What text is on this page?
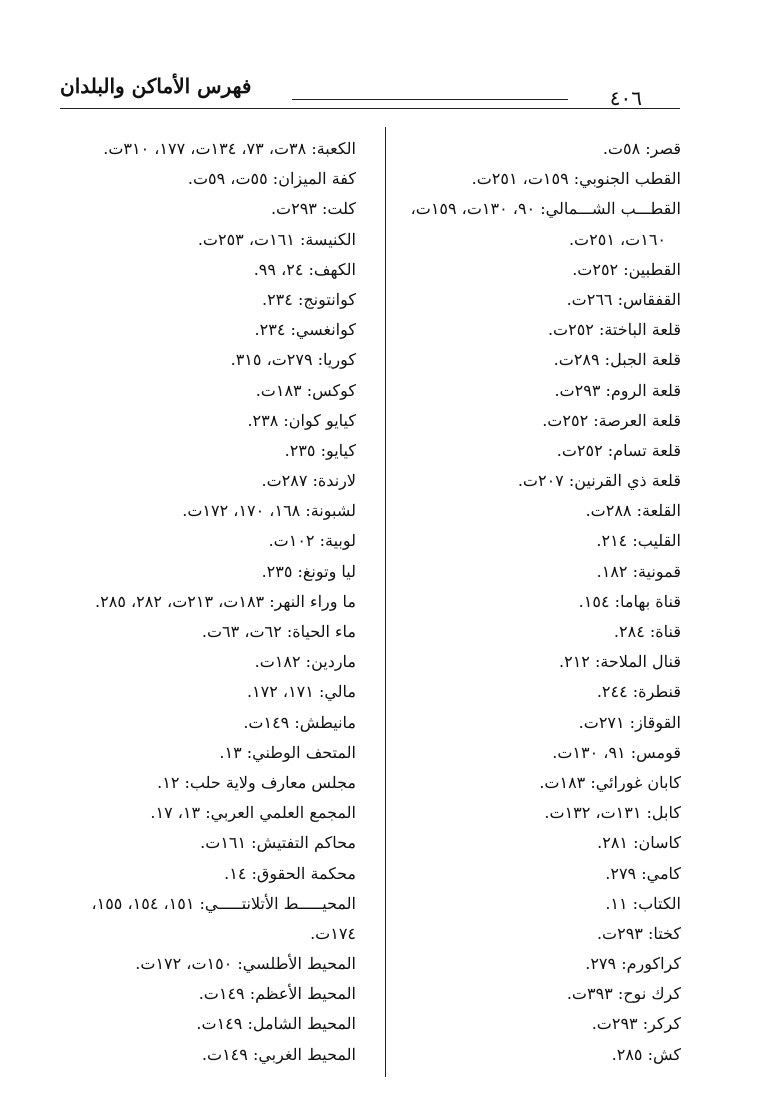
٤٠٦
فهرس الأماكن والبلدان
قصر: ٥٨ت.
القطب الجنوبي: ١٥٩ت، ٢٥١ت.
القطـــب الشـــمالي: ٩٠، ١٣٠ت، ١٥٩ت،
١٦٠ت، ٢٥١ت.
القطبين: ٢٥٢ت.
القفقاس: ٢٦٦ت.
قلعة الباختة: ٢٥٢ت.
قلعة الجبل: ٢٨٩ت.
قلعة الروم: ٢٩٣ت.
قلعة العرصة: ٢٥٢ت.
قلعة تسام: ٢٥٢ت.
قلعة ذي القرنين: ٢٠٧ت.
القلعة: ٢٨٨ت.
القليب: ٢١٤.
قمونية: ١٨٢.
قناة بهاما: ١٥٤.
قناة: ٢٨٤.
قنال الملاحة: ٢١٢.
قنطرة: ٢٤٤.
القوقاز: ٢٧١ت.
قومس: ٩١، ١٣٠ت.
كابان غورائي: ١٨٣ت.
كابل: ١٣١ت، ١٣٢ت.
كاسان: ٢٨١.
كامي: ٢٧٩.
الكتاب: ١١.
كختا: ٢٩٣ت.
كراكورم: ٢٧٩.
كرك نوح: ٣٩٣ت.
كركر: ٢٩٣ت.
كش: ٢٨٥.
الكعبة: ٣٨ت، ٧٣، ١٣٤ت، ١٧٧، ٣١٠ت.
كفة الميزان: ٥٥ت، ٥٩ت.
كلت: ٢٩٣ت.
الكنيسة: ١٦١ت، ٢٥٣ت.
الكهف: ٢٤، ٩٩.
كوانتونج: ٢٣٤.
كوانغسي: ٢٣٤.
كوريا: ٢٧٩ت، ٣١٥.
كوكس: ١٨٣ت.
كيايو كوان: ٢٣٨.
كيايو: ٢٣٥.
لارندة: ٢٨٧ت.
لشبونة: ١٦٨، ١٧٠، ١٧٢ت.
لوبية: ١٠٢ت.
ليا وتونغ: ٢٣٥.
ما وراء النهر: ١٨٣ت، ٢١٣ت، ٢٨٢، ٢٨٥.
ماء الحياة: ٦٢ت، ٦٣ت.
ماردين: ١٨٢ت.
مالي: ١٧١، ١٧٢.
مانيطش: ١٤٩ت.
المتحف الوطني: ١٣.
مجلس معارف ولاية حلب: ١٢.
المجمع العلمي العربي: ١٣، ١٧.
محاكم التفتيش: ١٦١ت.
محكمة الحقوق: ١٤.
المحيـــــط الأتلانتـــــي: ١٥١، ١٥٤، ١٥٥،
١٧٤ت.
المحيط الأطلسي: ١٥٠ت، ١٧٢ت.
المحيط الأعظم: ١٤٩ت.
المحيط الشامل: ١٤٩ت.
المحيط الغربي: ١٤٩ت.
